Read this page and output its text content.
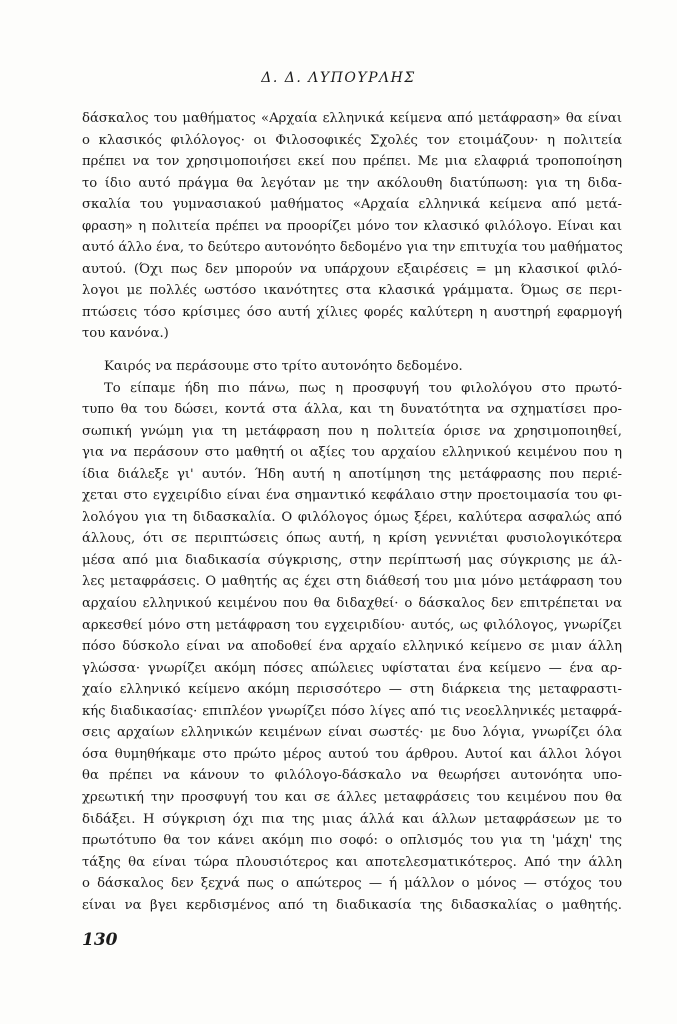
Δ. Δ. ΛΥΠΟΥΡΛΗΣ
δάσκαλος του μαθήματος «Αρχαία ελληνικά κείμενα από μετάφραση» θα είναι
ο κλασικός φιλόλογος· οι Φιλοσοφικές Σχολές τον ετοιμάζουν· η πολιτεία
πρέπει να τον χρησιμοποιήσει εκεί που πρέπει. Με μια ελαφριά τροποποίηση
το ίδιο αυτό πράγμα θα λεγόταν με την ακόλουθη διατύπωση: για τη διδα-
σκαλία του γυμνασιακού μαθήματος «Αρχαία ελληνικά κείμενα από μετά-
φραση» η πολιτεία πρέπει να προορίζει μόνο τον κλασικό φιλόλογο. Είναι και
αυτό άλλο ένα, το δεύτερο αυτονόητο δεδομένο για την επιτυχία του μαθήματος
αυτού. (Όχι πως δεν μπορούν να υπάρχουν εξαιρέσεις = μη κλασικοί φιλό-
λογοι με πολλές ωστόσο ικανότητες στα κλασικά γράμματα. Όμως σε περι-
πτώσεις τόσο κρίσιμες όσο αυτή χίλιες φορές καλύτερη η αυστηρή εφαρμογή
του κανόνα.)
Καιρός να περάσουμε στο τρίτο αυτονόητο δεδομένο.
Το είπαμε ήδη πιο πάνω, πως η προσφυγή του φιλολόγου στο πρωτό-
τυπο θα του δώσει, κοντά στα άλλα, και τη δυνατότητα να σχηματίσει προ-
σωπική γνώμη για τη μετάφραση που η πολιτεία όρισε να χρησιμοποιηθεί,
για να περάσουν στο μαθητή οι αξίες του αρχαίου ελληνικού κειμένου που η
ίδια διάλεξε γι' αυτόν. Ήδη αυτή η αποτίμηση της μετάφρασης που περιέ-
χεται στο εγχειρίδιο είναι ένα σημαντικό κεφάλαιο στην προετοιμασία του φι-
λολόγου για τη διδασκαλία. Ο φιλόλογος όμως ξέρει, καλύτερα ασφαλώς από
άλλους, ότι σε περιπτώσεις όπως αυτή, η κρίση γεννιέται φυσιολογικότερα
μέσα από μια διαδικασία σύγκρισης, στην περίπτωσή μας σύγκρισης με άλ-
λες μεταφράσεις. Ο μαθητής ας έχει στη διάθεσή του μια μόνο μετάφραση του
αρχαίου ελληνικού κειμένου που θα διδαχθεί· ο δάσκαλος δεν επιτρέπεται να
αρκεσθεί μόνο στη μετάφραση του εγχειριδίου· αυτός, ως φιλόλογος, γνωρίζει
πόσο δύσκολο είναι να αποδοθεί ένα αρχαίο ελληνικό κείμενο σε μιαν άλλη
γλώσσα· γνωρίζει ακόμη πόσες απώλειες υφίσταται ένα κείμενο — ένα αρ-
χαίο ελληνικό κείμενο ακόμη περισσότερο — στη διάρκεια της μεταφραστι-
κής διαδικασίας· επιπλέον γνωρίζει πόσο λίγες από τις νεοελληνικές μεταφρά-
σεις αρχαίων ελληνικών κειμένων είναι σωστές· με δυο λόγια, γνωρίζει όλα
όσα θυμηθήκαμε στο πρώτο μέρος αυτού του άρθρου. Αυτοί και άλλοι λόγοι
θα πρέπει να κάνουν το φιλόλογο-δάσκαλο να θεωρήσει αυτονόητα υπο-
χρεωτική την προσφυγή του και σε άλλες μεταφράσεις του κειμένου που θα
διδάξει. Η σύγκριση όχι πια της μιας άλλά και άλλων μεταφράσεων με το
πρωτότυπο θα τον κάνει ακόμη πιο σοφό: ο οπλισμός του για τη 'μάχη' της
τάξης θα είναι τώρα πλουσιότερος και αποτελεσματικότερος. Από την άλλη
ο δάσκαλος δεν ξεχνά πως ο απώτερος — ή μάλλον ο μόνος — στόχος του
είναι να βγει κερδισμένος από τη διαδικασία της διδασκαλίας ο μαθητής.
130
